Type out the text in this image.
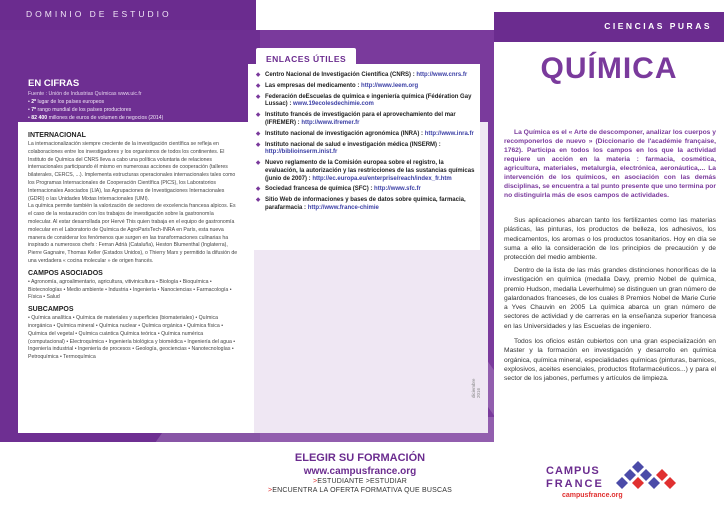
DOMINIO DE ESTUDIO
CIENCIAS PURAS
EN CIFRAS
Fuente : Unión de Industrias Químicas www.uic.fr
• 2º lugar de los países europeos
• 7º rango mundial de los países productores
• 82 400 millones de euros de volumen de negocios (2014)
INTERNACIONAL

La internacionalización siempre creciente de la investigación científica se refleja en colaboraciones entre los investigadores y los organismos de todos los continentes. El Instituto de Química del CNRS lleva a cabo una política voluntaria de relaciones internacionales participando él mismo en numerosas acciones de cooperación (talleres bilaterales, CERCS, ...). Implementa estructuras operacionales internacionales tales como los Programas Internacionales de Cooperación Científica (PICS), los Laboratorios Internacionales Asociados (LIA), las Agrupaciones de Investigaciones Internacionales (GDRI) o las Unidades Mixtas Internacionales (UMI).

La química permite también la valorización de sectores de excelencia francesa alpicos. Es el caso de la restauración con los trabajos de investigación sobre la gastronomía molecular. Al estar desarrollada por Hervé This quien trabaja en el equipo de gastronomía molecular en el Laboratorio de Química de AgroParisTech-INRA en París, esta nueva manera de considerar los fenómenos que surgen en las transformaciones culinarias ha inspirado a numerosos chefs : Ferran Adrià (Cataluña), Heston Blumenthal (Inglaterra), Pierre Gagnaire, Thomas Keller (Estados Unidos), o Thierry Marx y permitido la difusión de una verdadera « cocina molecular » de origen francés.

CAMPOS ASOCIADOS

• Agronomía, agroalimentario, agricultura, vitivinicultura • Biología • Bioquímica • Biotecnologías • Medio ambiente • Industria • Ingeniería • Nanociencias • Farmacología • Física • Salud

SUBCAMPOS

• Química analítica • Química de materiales y superficies (biomateriales) • Química inorgánica • Química mineral • Química nuclear • Química orgánica • Química física • Química del vegetal • Química cuántica Química teórica • Química numérica (computacional) • Electroquímica • Ingeniería biológica y biomédica • Ingeniería del agua • Ingeniería industrial • Ingeniería de procesos • Geología, geociencias • Nanotecnologías • Petroquímica • Termoquímica

diciembre 2016
◆ Centro Nacional de Investigación Científica (CNRS) : http://www.cnrs.fr
◆ Las empresas del medicamento : http://www.leem.org
◆ Federación deEscuelas de química e ingeniería química (Fédération Gay Lussac) : www.19ecolesdechimie.com
◆ Instituto francés de investigación para el aprovechamiento del mar (IFREMER) : http://www.ifremer.fr
◆ Instituto nacional de investigación agronómica (INRA) : http://www.inra.fr
◆ Instituto nacional de salud e investigación médica (INSERM) : http://biblioinserm.inist.fr
◆ Nuevo reglamento de la Comisión europea sobre el registro, la evaluación, la autorización y las restricciones de las sustancias químicas (junio de 2007) : http://ec.europa.eu/enterprise/reach/index_fr.htm
◆ Sociedad francesa de química (SFC) : http://www.sfc.fr
◆ Sitio Web de informaciones y bases de datos sobre química, farmacia, parafarmacia : http://www.france-chimie
ENLACES ÚTILES	QUÍMICA

La Química es el « Arte de descomponer, analizar los cuerpos y recomponerlos de nuevo » (Diccionario de l'académie française, 1762). Participa en todos los campos en los que la actividad requiere un acción en la materia : farmacia, cosmética, agricultura, materiales, metalurgia, electrónica, aeronáutica,... La intervención de los químicos, en asociación con las demás disciplinas, se encuentra a tal punto presente que uno termina por no distinguirla más de esos campos de actividades.

Sus aplicaciones abarcan tanto los fertilizantes como las materias plásticas, las pinturas, los productos de belleza, los adhesivos, los medicamentos, los aromas o los productos tosanitarios. Hoy en día se suma a ello la consideración de los principios de precaución y de protección del medio ambiente.

Dentro de la lista de las más grandes distinciones honoríficas de la investigación en química (medalla Davy, premio Nobel de química, premio Hudson, medalla Leverhulme) se distinguen un gran número de galardonados franceses, de los cuales 8 Premios Nobel de Marie Curie a Yves Chauvin en 2005 La química abarca un gran número de sectores de actividad y de carreras en la enseñanza superior francesa en las Universidades y las Escuelas de ingeniero.

Todos los oficios están cubiertos con una gran especialización en Master y la formación en investigación y desarrollo en química orgánica, química mineral, especialidades químicas (pinturas, barnices, explosivos, aceites esenciales, productos fitofarmacéuticos...) y para el sector de los jabones, perfumes y artículos de limpieza.

ELEGIR SU FORMACIÓN
www.campusfrance.org
>ESTUDIANTE >ESTUDIAR
>ENCUENTRA LA OFERTA FORMATIVA QUE BUSCAS
CAMPUS
FRANCE
campusfrance.org
